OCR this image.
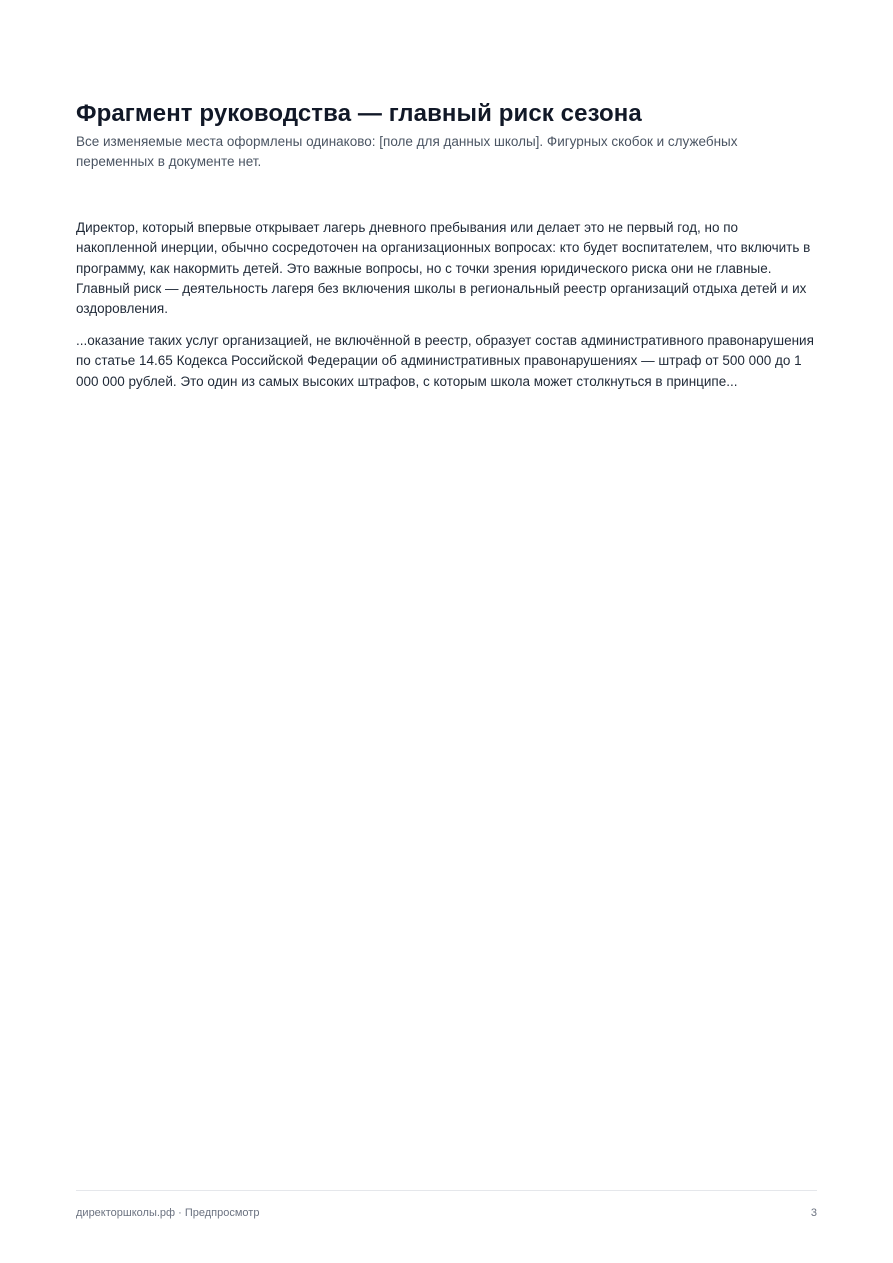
Фрагмент руководства — главный риск сезона

Все изменяемые места оформлены одинаково: [поле для данных школы]. Фигурных скобок и служебных переменных в документе нет.

Директор, который впервые открывает лагерь дневного пребывания или делает это не первый год, но по накопленной инерции, обычно сосредоточен на организационных вопросах: кто будет воспитателем, что включить в программу, как накормить детей. Это важные вопросы, но с точки зрения юридического риска они не главные. Главный риск — деятельность лагеря без включения школы в региональный реестр организаций отдыха детей и их оздоровления.

...оказание таких услуг организацией, не включённой в реестр, образует состав административного правонарушения по статье 14.65 Кодекса Российской Федерации об административных правонарушениях — штраф от 500 000 до 1 000 000 рублей. Это один из самых высоких штрафов, с которым школа может столкнуться в принципе...

директоршколы.рф · Предпросмотр	3
